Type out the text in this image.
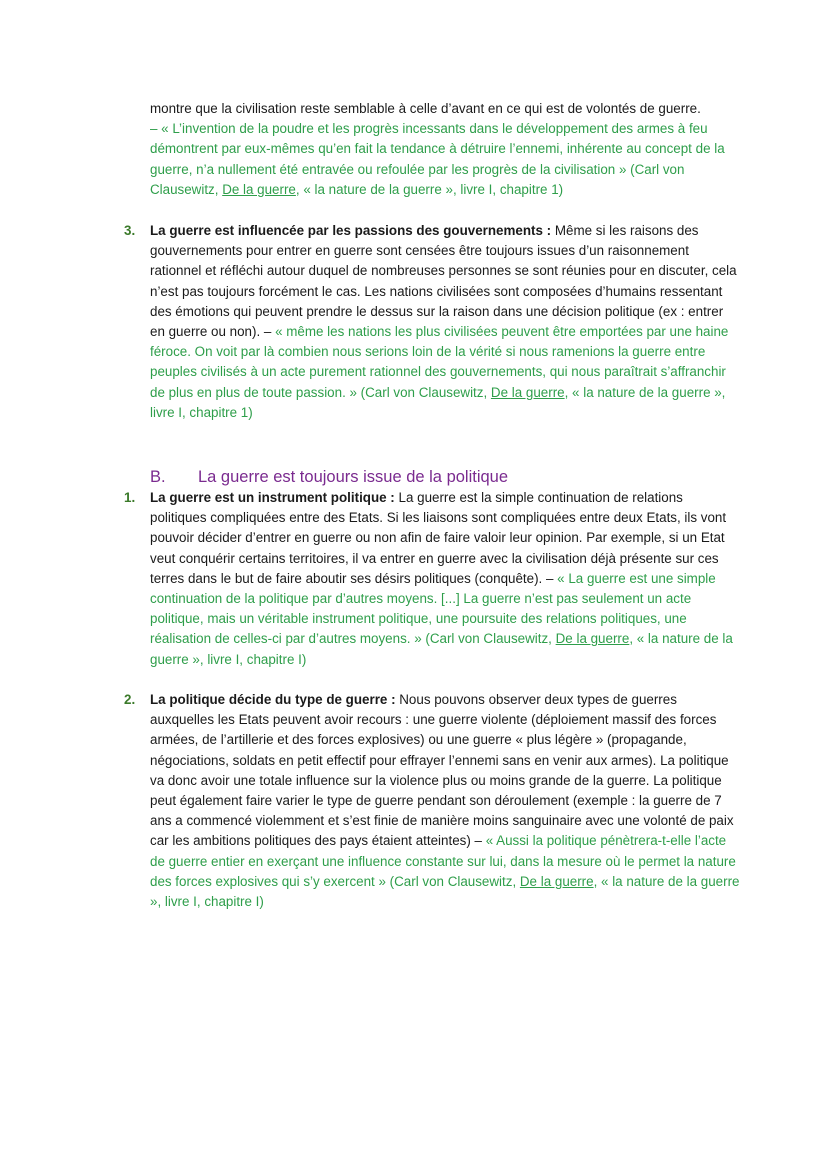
montre que la civilisation reste semblable à celle d’avant en ce qui est de volontés de guerre.
– « L’invention de la poudre et les progrès incessants dans le développement des armes à feu démontrent par eux-mêmes qu’en fait la tendance à détruire l’ennemi, inhérente au concept de la guerre, n’a nullement été entravée ou refoulée par les progrès de la civilisation » (Carl von Clausewitz, De la guerre, « la nature de la guerre », livre I, chapitre 1)
3. La guerre est influencée par les passions des gouvernements : Même si les raisons des gouvernements pour entrer en guerre sont censées être toujours issues d’un raisonnement rationnel et réfléchi autour duquel de nombreuses personnes se sont réunies pour en discuter, cela n’est pas toujours forcément le cas. Les nations civilisées sont composées d’humains ressentant des émotions qui peuvent prendre le dessus sur la raison dans une décision politique (ex : entrer en guerre ou non). – « même les nations les plus civilisées peuvent être emportées par une haine féroce. On voit par là combien nous serions loin de la vérité si nous ramenions la guerre entre peuples civilisés à un acte purement rationnel des gouvernements, qui nous paraîtrait s’affranchir de plus en plus de toute passion. » (Carl von Clausewitz, De la guerre, « la nature de la guerre », livre I, chapitre 1)
B. La guerre est toujours issue de la politique
1. La guerre est un instrument politique : La guerre est la simple continuation de relations politiques compliquées entre des Etats. Si les liaisons sont compliquées entre deux Etats, ils vont pouvoir décider d’entrer en guerre ou non afin de faire valoir leur opinion. Par exemple, si un Etat veut conquérir certains territoires, il va entrer en guerre avec la civilisation déjà présente sur ces terres dans le but de faire aboutir ses désirs politiques (conquête). – « La guerre est une simple continuation de la politique par d’autres moyens. [...] La guerre n’est pas seulement un acte politique, mais un véritable instrument politique, une poursuite des relations politiques, une réalisation de celles-ci par d’autres moyens. » (Carl von Clausewitz, De la guerre, « la nature de la guerre », livre I, chapitre I)
2. La politique décide du type de guerre : Nous pouvons observer deux types de guerres auxquelles les Etats peuvent avoir recours : une guerre violente (déploiement massif des forces armées, de l’artillerie et des forces explosives) ou une guerre « plus légère » (propagande, négociations, soldats en petit effectif pour effrayer l’ennemi sans en venir aux armes). La politique va donc avoir une totale influence sur la violence plus ou moins grande de la guerre. La politique peut également faire varier le type de guerre pendant son déroulement (exemple : la guerre de 7 ans a commencé violemment et s’est finie de manière moins sanguinaire avec une volonté de paix car les ambitions politiques des pays étaient atteintes) – « Aussi la politique pénètrera-t-elle l’acte de guerre entier en exerçant une influence constante sur lui, dans la mesure où le permet la nature des forces explosives qui s’y exercent » (Carl von Clausewitz, De la guerre, « la nature de la guerre », livre I, chapitre I)
